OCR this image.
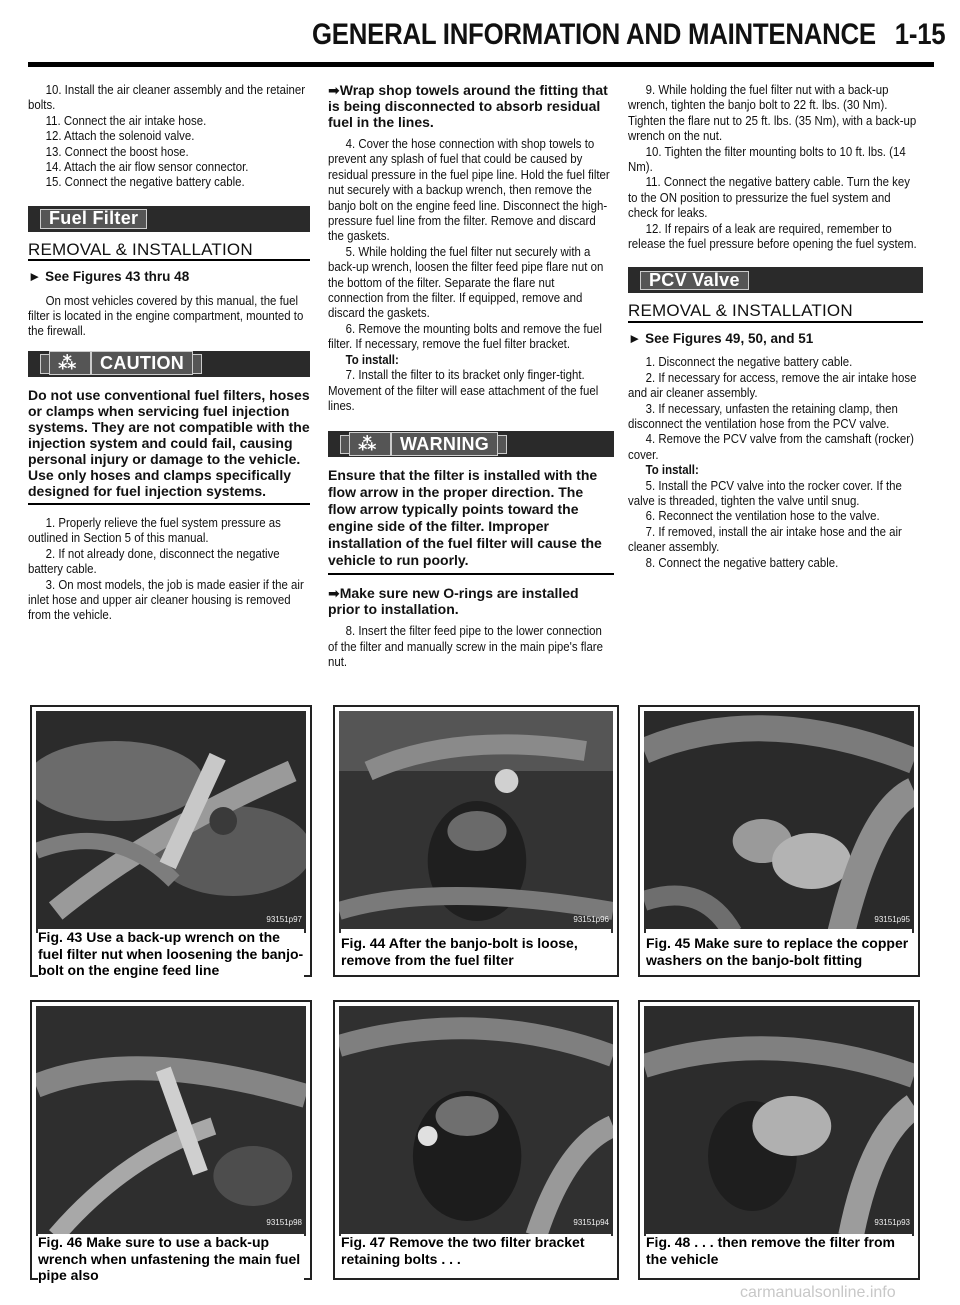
GENERAL INFORMATION AND MAINTENANCE 1-15

10. Install the air cleaner assembly and the retainer bolts.

11. Connect the air intake hose.

12. Attach the solenoid valve.

13. Connect the boost hose.

14. Attach the air flow sensor connector.

15. Connect the negative battery cable.

Fuel Filter
REMOVAL & INSTALLATION
► See Figures 43 thru 48

On most vehicles covered by this manual, the fuel filter is located in the engine compartment, mounted to the firewall.

⁂ CAUTION

Do not use conventional fuel filters, hoses or clamps when servicing fuel injection systems. They are not compatible with the injection system and could fail, causing personal injury or damage to the vehicle. Use only hoses and clamps specifically designed for fuel injection systems.

1. Properly relieve the fuel system pressure as outlined in Section 5 of this manual.

2. If not already done, disconnect the negative battery cable.

3. On most models, the job is made easier if the air inlet hose and upper air cleaner housing is removed from the vehicle.

➡Wrap shop towels around the fitting that is being disconnected to absorb residual fuel in the lines.

4. Cover the hose connection with shop towels to prevent any splash of fuel that could be caused by residual pressure in the fuel pipe line. Hold the fuel filter nut securely with a backup wrench, then remove the banjo bolt on the engine feed line. Disconnect the high-pressure fuel line from the filter. Remove and discard the gaskets.

5. While holding the fuel filter nut securely with a back-up wrench, loosen the filter feed pipe flare nut on the bottom of the filter. Separate the flare nut connection from the filter. If equipped, remove and discard the gaskets.

6. Remove the mounting bolts and remove the fuel filter. If necessary, remove the fuel filter bracket.

To install:

7. Install the filter to its bracket only finger-tight. Movement of the filter will ease attachment of the fuel lines.

⁂ WARNING

Ensure that the filter is installed with the flow arrow in the proper direction. The flow arrow typically points toward the engine side of the filter. Improper installation of the fuel filter will cause the vehicle to run poorly.

➡Make sure new O-rings are installed prior to installation.

8. Insert the filter feed pipe to the lower connection of the filter and manually screw in the main pipe's flare nut.

9. While holding the fuel filter nut with a back-up wrench, tighten the banjo bolt to 22 ft. lbs. (30 Nm). Tighten the flare nut to 25 ft. lbs. (35 Nm), with a back-up wrench on the nut.

10. Tighten the filter mounting bolts to 10 ft. lbs. (14 Nm).

11. Connect the negative battery cable. Turn the key to the ON position to pressurize the fuel system and check for leaks.

12. If repairs of a leak are required, remember to release the fuel pressure before opening the fuel system.

PCV Valve
REMOVAL & INSTALLATION
► See Figures 49, 50, and 51

1. Disconnect the negative battery cable.

2. If necessary for access, remove the air intake hose and air cleaner assembly.

3. If necessary, unfasten the retaining clamp, then disconnect the ventilation hose from the PCV valve.

4. Remove the PCV valve from the camshaft (rocker) cover.

To install:

5. Install the PCV valve into the rocker cover. If the valve is threaded, tighten the valve until snug.

6. Reconnect the ventilation hose to the valve.

7. If removed, install the air intake hose and the air cleaner assembly.

8. Connect the negative battery cable.

93151p97
Fig. 43 Use a back-up wrench on the fuel filter nut when loosening the banjo-bolt on the engine feed line
93151p96
Fig. 44 After the banjo-bolt is loose, remove from the fuel filter
93151p95
Fig. 45 Make sure to replace the copper washers on the banjo-bolt fitting
93151p98
Fig. 46 Make sure to use a back-up wrench when unfastening the main fuel pipe also
93151p94
Fig. 47 Remove the two filter bracket retaining bolts . . .
93151p93
Fig. 48 . . . then remove the filter from the vehicle
carmanualsonline.info
